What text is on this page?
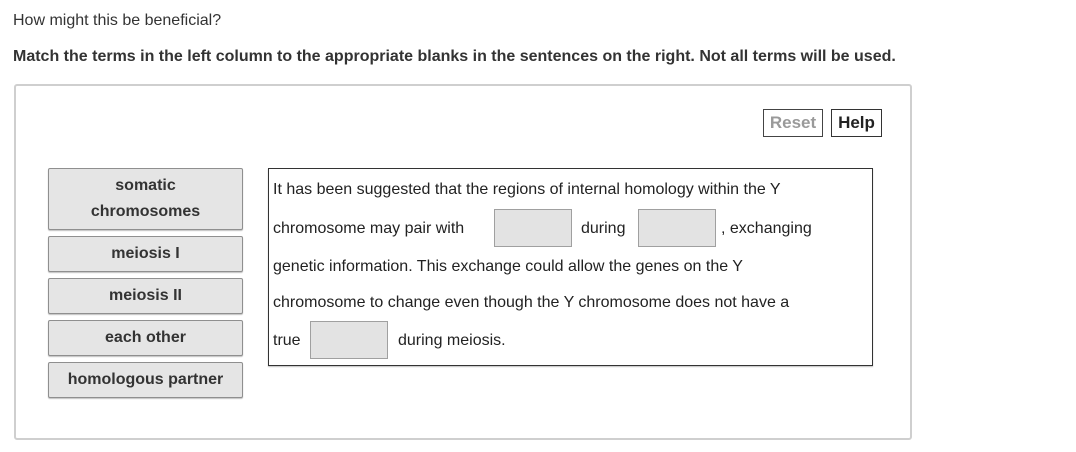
How might this be beneficial?
Match the terms in the left column to the appropriate blanks in the sentences on the right. Not all terms will be used.
Reset	Help
somatic
chromosomes
meiosis I
meiosis II
each other
homologous partner
It has been suggested that the regions of internal homology within the Y
chromosome may pair with	during	, exchanging
genetic information. This exchange could allow the genes on the Y
chromosome to change even though the Y chromosome does not have a
true	during meiosis.
